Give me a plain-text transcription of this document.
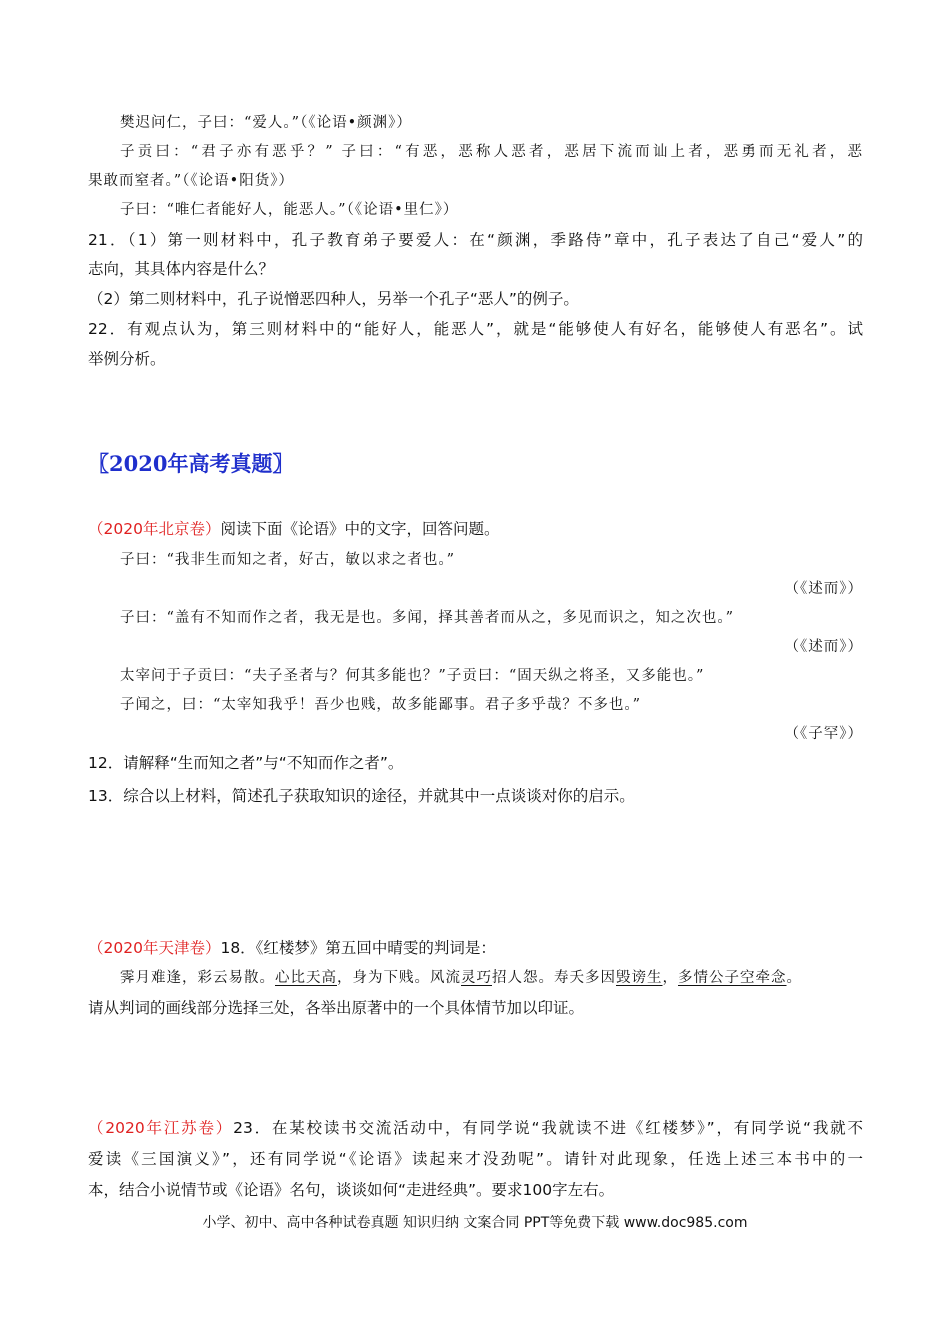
樊迟问仁，子曰：“爱人。”（《论语•颜渊》）
子贡曰：“君子亦有恶乎？” 子曰：“有恶，恶称人恶者，恶居下流而讪上者，恶勇而无礼者，恶
果敢而窒者。”（《论语•阳货》）
子曰：“唯仁者能好人，能恶人。”（《论语•里仁》）
21．（1）第一则材料中，孔子教育弟子要爱人：在“颜渊，季路侍”章中，孔子表达了自己“爱人”的
志向，其具体内容是什么？
（2）第二则材料中，孔子说憎恶四种人，另举一个孔子“恶人”的例子。
22．有观点认为，第三则材料中的“能好人，能恶人”，就是“能够使人有好名，能够使人有恶名”。试
举例分析。
〖2020年高考真题〗
（2020年北京卷）阅读下面《论语》中的文字，回答问题。
子曰：“我非生而知之者，好古，敏以求之者也。”
（《述而》）
子曰：“盖有不知而作之者，我无是也。多闻，择其善者而从之，多见而识之，知之次也。”
（《述而》）
太宰问于子贡曰：“夫子圣者与？何其多能也？”子贡曰：“固天纵之将圣，又多能也。”
子闻之，曰：“太宰知我乎！吾少也贱，故多能鄙事。君子多乎哉？不多也。”
（《子罕》）
12．请解释“生而知之者”与“不知而作之者”。
13．综合以上材料，简述孔子获取知识的途径，并就其中一点谈谈对你的启示。
（2020年天津卷）18．《红楼梦》第五回中晴雯的判词是：
霁月难逢，彩云易散。心比天高，身为下贱。风流灵巧招人怨。寿夭多因毁谤生，多情公子空牵念。
请从判词的画线部分选择三处，各举出原著中的一个具体情节加以印证。
（2020年江苏卷）23．在某校读书交流活动中，有同学说“我就读不进《红楼梦》”，有同学说“我就不
爱读《三国演义》”，还有同学说“《论语》读起来才没劲呢”。请针对此现象，任选上述三本书中的一
本，结合小说情节或《论语》名句，谈谈如何“走进经典”。要求100字左右。
小学、初中、高中各种试卷真题 知识归纳 文案合同 PPT等免费下载 www.doc985.com
